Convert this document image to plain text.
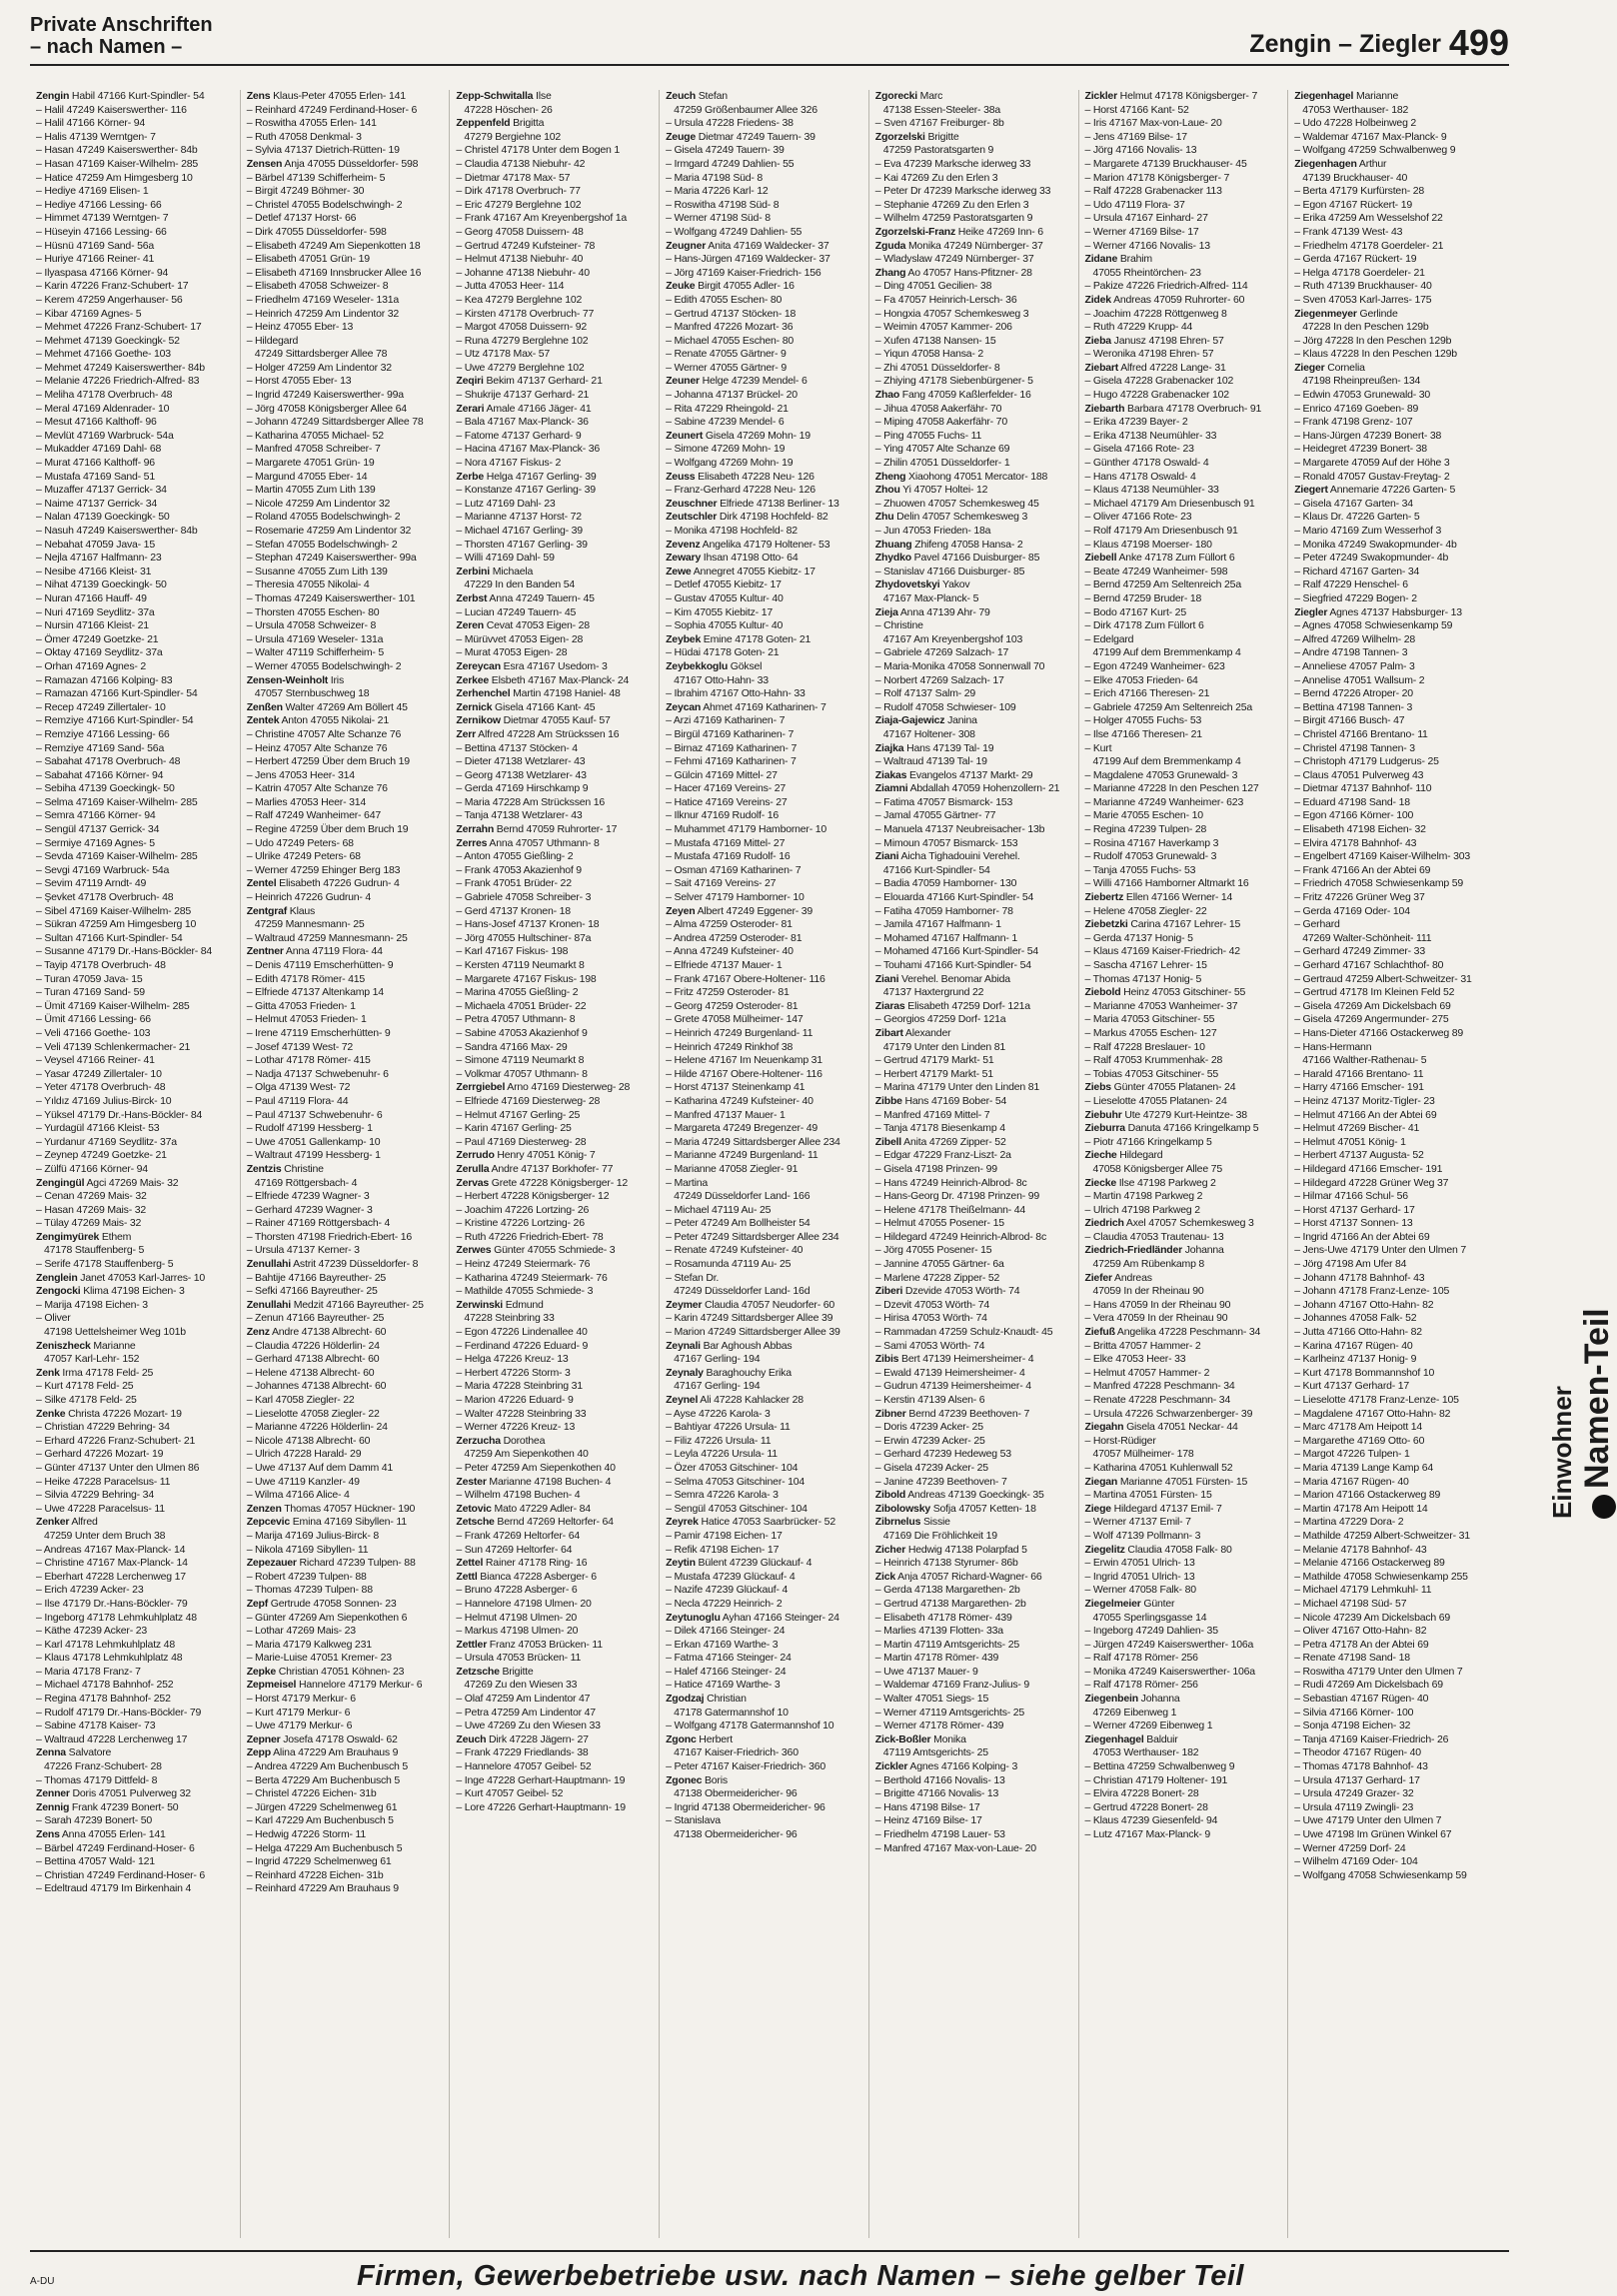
Private Anschriften
– nach Namen –	Zengin – Ziegler 499
Zengin Habil 47166 Kurt-Spindler- 54
– Halil 47249 Kaiserswerther- 116
– Halil 47166 Körner- 94
– Halis 47139 Werntgen- 7
– Hasan 47249 Kaiserswerther- 84b
– Hasan 47169 Kaiser-Wilhelm- 285
– Hatice 47259 Am Himgesberg 10
– Hediye 47169 Elisen- 1
– Hediye 47166 Lessing- 66
– Himmet 47139 Werntgen- 7
– Hüseyin 47166 Lessing- 66
– Hüsnü 47169 Sand- 56a
– Huriye 47166 Reiner- 41
– Ilyaspasa 47166 Körner- 94
– Karin 47226 Franz-Schubert- 17
– Kerem 47259 Angerhauser- 56
– Kibar 47169 Agnes- 5
– Mehmet 47226 Franz-Schubert- 17
– Mehmet 47139 Goeckingk- 52
– Mehmet 47166 Goethe- 103
– Mehmet 47249 Kaiserswerther- 84b
– Melanie 47226 Friedrich-Alfred- 83
– Meliha 47178 Overbruch- 48
– Meral 47169 Aldenrader- 10
– Mesut 47166 Kalthoff- 96
– Mevlüt 47169 Warbruck- 54a
– Mukadder 47169 Dahl- 68
– Murat 47166 Kalthoff- 96
– Mustafa 47169 Sand- 51
– Muzaffer 47137 Gerrick- 34
– Naime 47137 Gerrick- 34
– Nalan 47139 Goeckingk- 50
– Nasuh 47249 Kaiserswerther- 84b
– Nebahat 47059 Java- 15
– Nejla 47167 Halfmann- 23
– Nesibe 47166 Kleist- 31
– Nihat 47139 Goeckingk- 50
– Nuran 47166 Hauff- 49
– Nuri 47169 Seydlitz- 37a
– Nursin 47166 Kleist- 21
– Ömer 47249 Goetzke- 21
– Oktay 47169 Seydlitz- 37a
– Orhan 47169 Agnes- 2
– Ramazan 47166 Kolping- 83
– Ramazan 47166 Kurt-Spindler- 54
– Recep 47249 Zillertaler- 10
– Remziye 47166 Kurt-Spindler- 54
– Remziye 47166 Lessing- 66
– Remziye 47169 Sand- 56a
– Sabahat 47178 Overbruch- 48
– Sabahat 47166 Körner- 94
– Sebiha 47139 Goeckingk- 50
– Selma 47169 Kaiser-Wilhelm- 285
– Semra 47166 Körner- 94
– Sengül 47137 Gerrick- 34
– Sermiye 47169 Agnes- 5
– Sevda 47169 Kaiser-Wilhelm- 285
– Sevgi 47169 Warbruck- 54a
– Sevim 47119 Arndt- 49
– Şevket 47178 Overbruch- 48
– Sibel 47169 Kaiser-Wilhelm- 285
– Sükran 47259 Am Himgesberg 10
– Sultan 47166 Kurt-Spindler- 54
– Susanne 47179 Dr.-Hans-Böckler- 84
– Tayip 47178 Overbruch- 48
– Turan 47059 Java- 15
– Turan 47169 Sand- 59
– Ümit 47169 Kaiser-Wilhelm- 285
– Ümit 47166 Lessing- 66
– Veli 47166 Goethe- 103
– Veli 47139 Schlenkermacher- 21
– Veysel 47166 Reiner- 41
– Yasar 47249 Zillertaler- 10
– Yeter 47178 Overbruch- 48
– Yıldız 47169 Julius-Birck- 10
– Yüksel 47179 Dr.-Hans-Böckler- 84
– Yurdagül 47166 Kleist- 53
– Yurdanur 47169 Seydlitz- 37a
– Zeynep 47249 Goetzke- 21
– Zülfü 47166 Körner- 94
Zengingül Agci 47269 Mais- 32
– Cenan 47269 Mais- 32
– Hasan 47269 Mais- 32
– Tülay 47269 Mais- 32
Zengimyürek Ethem
47178 Stauffenberg- 5
– Serife 47178 Stauffenberg- 5
Zenglein Janet 47053 Karl-Jarres- 10
Zengocki Klima 47198 Eichen- 3
– Marija 47198 Eichen- 3
– Oliver
47198 Uettelsheimer Weg 101b
Zeniszheck Marianne
47057 Karl-Lehr- 152
Zenk Irma 47178 Feld- 25
– Kurt 47178 Feld- 25
– Silke 47178 Feld- 25
Zenke Christa 47226 Mozart- 19
– Christian 47229 Behring- 34
– Erhard 47226 Franz-Schubert- 21
– Gerhard 47226 Mozart- 19
– Günter 47137 Unter den Ulmen 86
– Heike 47228 Paracelsus- 11
– Silvia 47229 Behring- 34
– Uwe 47228 Paracelsus- 11
Zenker Alfred
47259 Unter dem Bruch 38
– Andreas 47167 Max-Planck- 14
– Christine 47167 Max-Planck- 14
– Eberhart 47228 Lerchenweg 17
– Erich 47239 Acker- 23
– Ilse 47179 Dr.-Hans-Böckler- 79
– Ingeborg 47178 Lehmkuhlplatz 48
– Käthe 47239 Acker- 23
– Karl 47178 Lehmkuhlplatz 48
– Klaus 47178 Lehmkuhlplatz 48
– Maria 47178 Franz- 7
– Michael 47178 Bahnhof- 252
– Regina 47178 Bahnhof- 252
– Rudolf 47179 Dr.-Hans-Böckler- 79
– Sabine 47178 Kaiser- 73
– Waltraud 47228 Lerchenweg 17
Zenna Salvatore
47226 Franz-Schubert- 28
– Thomas 47179 Dittfeld- 8
Zenner Doris 47051 Pulverweg 32
Zennig Frank 47239 Bonert- 50
– Sarah 47239 Bonert- 50
Zens Anna 47055 Erlen- 141
– Bärbel 47249 Ferdinand-Hoser- 6
– Bettina 47057 Wald- 121
– Christian 47249 Ferdinand-Hoser- 6
– Edeltraud 47179 Im Birkenhain 4
Zens Klaus-Peter 47055 Erlen- 141
– Reinhard 47249 Ferdinand-Hoser- 6
– Roswitha 47055 Erlen- 141
– Ruth 47058 Denkmal- 3
– Sylvia 47137 Dietrich-Rütten- 19
Zensen Anja 47055 Düsseldorfer- 598
– Bärbel 47139 Schifferheim- 5
– Birgit 47249 Böhmer- 30
– Christel 47055 Bodelschwingh- 2
– Detlef 47137 Horst- 66
– Dirk 47055 Düsseldorfer- 598
– Elisabeth 47249 Am Siepenkotten 18
– Elisabeth 47051 Grün- 19
– Elisabeth 47169 Innsbrucker Allee 16
– Elisabeth 47058 Schweizer- 8
– Friedhelm 47169 Weseler- 131a
– Heinrich 47259 Am Lindentor 32
– Heinz 47055 Eber- 13
– Hildegard
47249 Sittardsberger Allee 78
– Holger 47259 Am Lindentor 32
– Horst 47055 Eber- 13
– Ingrid 47249 Kaiserswerther- 99a
– Jörg 47058 Königsberger Allee 64
– Johann 47249 Sittardsberger Allee 78
– Katharina 47055 Michael- 52
– Manfred 47058 Schreiber- 7
– Margarete 47051 Grün- 19
– Margund 47055 Eber- 14
– Martin 47055 Zum Lith 139
– Nicole 47259 Am Lindentor 32
– Roland 47055 Bodelschwingh- 2
– Rosemarie 47259 Am Lindentor 32
– Stefan 47055 Bodelschwingh- 2
– Stephan 47249 Kaiserswerther- 99a
– Susanne 47055 Zum Lith 139
– Theresia 47055 Nikolai- 4
– Thomas 47249 Kaiserswerther- 101
– Thorsten 47055 Eschen- 80
– Ursula 47058 Schweizer- 8
– Ursula 47169 Weseler- 131a
– Walter 47119 Schifferheim- 5
– Werner 47055 Bodelschwingh- 2
Zensen-Weinholt Iris
47057 Sternbuschweg 18
Zenßen Walter 47269 Am Böllert 45
Zentek Anton 47055 Nikolai- 21
– Christine 47057 Alte Schanze 76
– Heinz 47057 Alte Schanze 76
– Herbert 47259 Über dem Bruch 19
– Jens 47053 Heer- 314
– Katrin 47057 Alte Schanze 76
– Marlies 47053 Heer- 314
– Ralf 47249 Wanheimer- 647
– Regine 47259 Über dem Bruch 19
– Udo 47249 Peters- 68
– Ulrike 47249 Peters- 68
– Werner 47259 Ehinger Berg 183
Zentel Elisabeth 47226 Gudrun- 4
– Heinrich 47226 Gudrun- 4
Zentgraf Klaus
47259 Mannesmann- 25
– Waltraud 47259 Mannesmann- 25
Zentner Anna 47119 Flora- 44
– Denis 47119 Emscherhütten- 9
– Edith 47178 Römer- 415
– Elfriede 47137 Altenkamp 14
– Gitta 47053 Frieden- 1
– Helmut 47053 Frieden- 1
– Irene 47119 Emscherhütten- 9
– Josef 47139 West- 72
– Lothar 47178 Römer- 415
– Nadja 47137 Schwebenuhr- 6
– Olga 47139 West- 72
– Paul 47119 Flora- 44
– Paul 47137 Schwebenuhr- 6
– Rudolf 47199 Hessberg- 1
– Uwe 47051 Gallenkamp- 10
– Waltraut 47199 Hessberg- 1
Zentzis Christine
47169 Röttgersbach- 4
– Elfriede 47239 Wagner- 3
– Gerhard 47239 Wagner- 3
– Rainer 47169 Röttgersbach- 4
– Thorsten 47198 Friedrich-Ebert- 16
– Ursula 47137 Kerner- 3
Zenullahi Astrit 47239 Düsseldorfer- 8
– Bahtije 47166 Bayreuther- 25
– Sefki 47166 Bayreuther- 25
Zenullahi Medzit 47166 Bayreuther- 25
– Zenun 47166 Bayreuther- 25
Zenz Andre 47138 Albrecht- 60
– Claudia 47226 Hölderlin- 24
– Gerhard 47138 Albrecht- 60
– Helene 47138 Albrecht- 60
– Johannes 47138 Albrecht- 60
– Karl 47058 Ziegler- 22
– Lieselotte 47058 Ziegler- 22
– Marianne 47226 Hölderlin- 24
– Nicole 47138 Albrecht- 60
– Ulrich 47228 Harald- 29
– Uwe 47137 Auf dem Damm 41
– Uwe 47119 Kanzler- 49
– Wilma 47166 Alice- 4
Zenzen Thomas 47057 Hückner- 190
Zepcevic Emina 47169 Sibyllen- 11
– Marija 47169 Julius-Birck- 8
– Nikola 47169 Sibyllen- 11
Zepezauer Richard 47239 Tulpen- 88
– Robert 47239 Tulpen- 88
– Thomas 47239 Tulpen- 88
Zepf Gertrude 47058 Sonnen- 23
– Günter 47269 Am Siepenkothen 6
– Lothar 47269 Mais- 23
– Maria 47179 Kalkweg 231
– Marie-Luise 47051 Kremer- 23
Zepke Christian 47051 Köhnen- 23
Zepmeisel Hannelore 47179 Merkur- 6
– Horst 47179 Merkur- 6
– Kurt 47179 Merkur- 6
– Uwe 47179 Merkur- 6
Zepner Josefa 47178 Oswald- 62
Zepp Alina 47229 Am Brauhaus 9
– Andrea 47229 Am Buchenbusch 5
– Berta 47229 Am Buchenbusch 5
– Christel 47226 Eichen- 31b
– Jürgen 47229 Schelmenweg 61
– Karl 47229 Am Buchenbusch 5
– Hedwig 47226 Storm- 11
– Helga 47229 Am Buchenbusch 5
– Ingrid 47229 Schelmenweg 61
– Reinhard 47228 Eichen- 31b
– Reinhard 47229 Am Brauhaus 9
Zepp-Schwitalla Ilse
47228 Höschen- 26
Zeppenfeld Brigitta
47279 Bergiehne 102
– Christel 47178 Unter dem Bogen 1
– Claudia 47138 Niebuhr- 42
– Dietmar 47178 Max- 57
– Dirk 47178 Overbruch- 77
– Eric 47279 Berglehne 102
– Frank 47167 Am Kreyenbergshof 1a
– Georg 47058 Duissern- 48
– Gertrud 47249 Kufsteiner- 78
– Helmut 47138 Niebuhr- 40
– Johanne 47138 Niebuhr- 40
– Jutta 47053 Heer- 114
– Kea 47279 Berglehne 102
– Kirsten 47178 Overbruch- 77
– Margot 47058 Duissern- 92
– Runa 47279 Berglehne 102
– Utz 47178 Max- 57
– Uwe 47279 Berglehne 102
Zeqiri Bekim 47137 Gerhard- 21
– Shukrije 47137 Gerhard- 21
Zerari Amale 47166 Jäger- 41
– Bala 47167 Max-Planck- 36
– Fatome 47137 Gerhard- 9
– Hacina 47167 Max-Planck- 36
– Nora 47167 Fiskus- 2
Zerbe Helga 47167 Gerling- 39
– Konstanze 47167 Gerling- 39
– Lutz 47169 Dahl- 23
– Marianne 47137 Horst- 72
– Michael 47167 Gerling- 39
– Thorsten 47167 Gerling- 39
– Willi 47169 Dahl- 59
Zerbini Michaela
47229 In den Banden 54
Zerbst Anna 47249 Tauern- 45
– Lucian 47249 Tauern- 45
Zeren Cevat 47053 Eigen- 28
– Mürüvvet 47053 Eigen- 28
– Murat 47053 Eigen- 28
Zereycan Esra 47167 Usedom- 3
Zerkee Elsbeth 47167 Max-Planck- 24
Zerhenchel Martin 47198 Haniel- 48
Zernick Gisela 47166 Kant- 45
Zernikow Dietmar 47055 Kauf- 57
Zerr Alfred 47228 Am Strückssen 16
– Bettina 47137 Stöcken- 4
– Dieter 47138 Wetzlarer- 43
– Georg 47138 Wetzlarer- 43
– Gerda 47169 Hirschkamp 9
– Maria 47228 Am Strückssen 16
– Tanja 47138 Wetzlarer- 43
Zerrahn Bernd 47059 Ruhrorter- 17
Zerres Anna 47057 Uthmann- 8
– Anton 47055 Gießling- 2
– Frank 47053 Akazienhof 9
– Frank 47051 Brüder- 22
– Gabriele 47058 Schreiber- 3
– Gerd 47137 Kronen- 18
– Hans-Josef 47137 Kronen- 18
– Jörg 47055 Hultschiner- 87a
– Karl 47167 Fiskus- 198
– Kersten 47119 Neumarkt 8
– Margarete 47167 Fiskus- 198
– Marina 47055 Gießling- 2
– Michaela 47051 Brüder- 22
– Petra 47057 Uthmann- 8
– Sabine 47053 Akazienhof 9
– Sandra 47166 Max- 29
– Simone 47119 Neumarkt 8
– Volkmar 47057 Uthmann- 8
Zerrgiebel Arno 47169 Diesterweg- 28
– Elfriede 47169 Diesterweg- 28
– Helmut 47167 Gerling- 25
– Karin 47167 Gerling- 25
– Paul 47169 Diesterweg- 28
Zerrudo Henry 47051 König- 7
Zerulla Andre 47137 Borkhofer- 77
Zervas Grete 47228 Königsberger- 12
– Herbert 47228 Königsberger- 12
– Joachim 47226 Lortzing- 26
– Kristine 47226 Lortzing- 26
– Ruth 47226 Friedrich-Ebert- 78
Zerwes Günter 47055 Schmiede- 3
– Heinz 47249 Steiermark- 76
– Katharina 47249 Steiermark- 76
– Mathilde 47055 Schmiede- 3
Zerwinski Edmund
47228 Steinbring 33
– Egon 47226 Lindenallee 40
– Ferdinand 47226 Eduard- 9
– Helga 47226 Kreuz- 13
– Herbert 47226 Storm- 3
– Maria 47228 Steinbring 31
– Marion 47226 Eduard- 9
– Walter 47228 Steinbring 33
– Werner 47226 Kreuz- 13
Zerzucha Dorothea
47259 Am Siepenkothen 40
– Peter 47259 Am Siepenkothen 40
Zester Marianne 47198 Buchen- 4
– Wilhelm 47198 Buchen- 4
Zetovic Mato 47229 Adler- 84
Zetsche Bernd 47269 Heltorfer- 64
– Frank 47269 Heltorfer- 64
– Sun 47269 Heltorfer- 64
Zettel Rainer 47178 Ring- 16
Zettl Bianca 47228 Asberger- 6
– Bruno 47228 Asberger- 6
– Hannelore 47198 Ulmen- 20
– Helmut 47198 Ulmen- 20
– Markus 47198 Ulmen- 20
Zettler Franz 47053 Brücken- 11
– Ursula 47053 Brücken- 11
Zetzsche Brigitte
47269 Zu den Wiesen 33
– Olaf 47259 Am Lindentor 47
– Petra 47259 Am Lindentor 47
– Uwe 47269 Zu den Wiesen 33
Zeuch Dirk 47228 Jägern- 27
– Frank 47229 Friedlands- 38
– Hannelore 47057 Geibel- 52
– Inge 47228 Gerhart-Hauptmann- 19
– Kurt 47057 Geibel- 52
– Lore 47226 Gerhart-Hauptmann- 19
Zeuch Stefan
47259 Größenbaumer Allee 326
– Ursula 47228 Friedens- 38
Zeuge Dietmar 47249 Tauern- 39
– Gisela 47249 Tauern- 39
– Irmgard 47249 Dahlien- 55
– Maria 47198 Süd- 8
– Maria 47226 Karl- 12
– Roswitha 47198 Süd- 8
– Werner 47198 Süd- 8
– Wolfgang 47249 Dahlien- 55
Zeugner Anita 47169 Waldecker- 37
– Hans-Jürgen 47169 Waldecker- 37
– Jörg 47169 Kaiser-Friedrich- 156
Zeuke Birgit 47055 Adler- 16
– Edith 47055 Eschen- 80
– Gertrud 47137 Stöcken- 18
– Manfred 47226 Mozart- 36
– Michael 47055 Eschen- 80
– Renate 47055 Gärtner- 9
– Werner 47055 Gärtner- 9
Zeuner Helge 47239 Mendel- 6
– Johanna 47137 Brückel- 20
– Rita 47229 Rheingold- 21
– Sabine 47239 Mendel- 6
Zeunert Gisela 47269 Mohn- 19
– Simone 47269 Mohn- 19
– Wolfgang 47269 Mohn- 19
Zeuss Elisabeth 47228 Neu- 126
– Franz-Gerhard 47228 Neu- 126
Zeuschner Elfriede 47138 Berliner- 13
Zeutschler Dirk 47198 Hochfeld- 82
– Monika 47198 Hochfeld- 82
Zevenz Angelika 47179 Holtener- 53
Zewary Ihsan 47198 Otto- 64
Zewe Annegret 47055 Kiebitz- 17
– Detlef 47055 Kiebitz- 17
– Gustav 47055 Kultur- 40
– Kim 47055 Kiebitz- 17
– Sophia 47055 Kultur- 40
Zeybek Emine 47178 Goten- 21
– Hüdai 47178 Goten- 21
Zeybekkoglu Göksel
47167 Otto-Hahn- 33
– Ibrahim 47167 Otto-Hahn- 33
Zeycan Ahmet 47169 Katharinen- 7
– Arzi 47169 Katharinen- 7
– Birgül 47169 Katharinen- 7
– Birnaz 47169 Katharinen- 7
– Fehmi 47169 Katharinen- 7
– Gülcin 47169 Mittel- 27
– Hacer 47169 Vereins- 27
– Hatice 47169 Vereins- 27
– Ilknur 47169 Rudolf- 16
– Muhammet 47179 Hamborner- 10
– Mustafa 47169 Mittel- 27
– Mustafa 47169 Rudolf- 16
– Osman 47169 Katharinen- 7
– Sait 47169 Vereins- 27
– Selver 47179 Hamborner- 10
Zeyen Albert 47249 Eggener- 39
– Alma 47259 Osteroder- 81
– Andrea 47259 Osteroder- 81
– Anna 47249 Kufsteiner- 40
– Elfriede 47137 Mauer- 1
– Frank 47167 Obere-Holtener- 116
– Fritz 47259 Osteroder- 81
– Georg 47259 Osteroder- 81
– Grete 47058 Mülheimer- 147
– Heinrich 47249 Burgenland- 11
– Heinrich 47249 Rinkhof 38
– Helene 47167 Im Neuenkamp 31
– Hilde 47167 Obere-Holtener- 116
– Horst 47137 Steinenkamp 41
– Katharina 47249 Kufsteiner- 40
– Manfred 47137 Mauer- 1
– Margareta 47249 Bregenzer- 49
– Maria 47249 Sittardsberger Allee 234
– Marianne 47249 Burgenland- 11
– Marianne 47058 Ziegler- 91
– Martina
47249 Düsseldorfer Land- 166
– Michael 47119 Au- 25
– Peter 47249 Am Bollheister 54
– Peter 47249 Sittardsberger Allee 234
– Renate 47249 Kufsteiner- 40
– Rosamunda 47119 Au- 25
– Stefan Dr.
47249 Düsseldorfer Land- 16d
Zeymer Claudia 47057 Neudorfer- 60
– Karin 47249 Sittardsberger Allee 39
– Marion 47249 Sittardsberger Allee 39
Zeynali Bar Aghoush Abbas
47167 Gerling- 194
Zeynaly Baraghouchy Erika
47167 Gerling- 194
Zeynel Ali 47228 Kahlacker 28
– Ayse 47226 Karola- 3
– Bahtiyar 47226 Ursula- 11
– Filiz 47226 Ursula- 11
– Leyla 47226 Ursula- 11
– Özer 47053 Gitschiner- 104
– Selma 47053 Gitschiner- 104
– Semra 47226 Karola- 3
– Sengül 47053 Gitschiner- 104
Zeyrek Hatice 47053 Saarbrücker- 52
– Pamir 47198 Eichen- 17
– Refik 47198 Eichen- 17
Zeytin Bülent 47239 Glückauf- 4
– Mustafa 47239 Glückauf- 4
– Nazife 47239 Glückauf- 4
– Necla 47229 Heinrich- 2
Zeytunoglu Ayhan 47166 Steinger- 24
– Dilek 47166 Steinger- 24
– Erkan 47169 Warthe- 3
– Fatma 47166 Steinger- 24
– Halef 47166 Steinger- 24
– Hatice 47169 Warthe- 3
Zgodzaj Christian
47178 Gatermannshof 10
– Wolfgang 47178 Gatermannshof 10
Zgonc Herbert
47167 Kaiser-Friedrich- 360
– Peter 47167 Kaiser-Friedrich- 360
Zgonec Boris
47138 Obermeidericher- 96
– Ingrid 47138 Obermeidericher- 96
– Stanislava
47138 Obermeidericher- 96
Zgorecki Marc
47138 Essen-Steeler- 38a
– Sven 47167 Freiburger- 8b
Zgorzelski Brigitte
47259 Pastoratsgarten 9
– Eva 47239 Marksche iderweg 33
– Kai 47269 Zu den Erlen 3
– Peter Dr 47239 Marksche iderweg 33
– Stephanie 47269 Zu den Erlen 3
– Wilhelm 47259 Pastoratsgarten 9
Zgorzelski-Franz Heike 47269 Inn- 6
Zguda Monika 47249 Nürnberger- 37
– Wladyslaw 47249 Nürnberger- 37
Zhang Ao 47057 Hans-Pfitzner- 28
– Ding 47051 Gecilien- 38
– Fa 47057 Heinrich-Lersch- 36
– Hongxia 47057 Schemkesweg 3
– Weimin 47057 Kammer- 206
– Xufen 47138 Nansen- 15
– Yiqun 47058 Hansa- 2
– Zhi 47051 Düsseldorfer- 8
– Zhiying 47178 Siebenbürgener- 5
Zhao Fang 47059 Kaßlerfelder- 16
– Jihua 47058 Aakerfähr- 70
– Miping 47058 Aakerfähr- 70
– Ping 47055 Fuchs- 11
– Ying 47057 Alte Schanze 69
– Zhilin 47051 Düsseldorfer- 1
Zheng Xiaohong 47051 Mercator- 188
Zhou Yi 47057 Holtei- 12
– Zhuowen 47057 Schemkesweg 45
Zhu Delin 47057 Schemkesweg 3
– Jun 47053 Frieden- 18a
Zhuang Zhifeng 47058 Hansa- 2
Zhydko Pavel 47166 Duisburger- 85
– Stanislav 47166 Duisburger- 85
Zhydovetskyi Yakov
47167 Max-Planck- 5
Zieja Anna 47139 Ahr- 79
– Christine
47167 Am Kreyenbergshof 103
– Gabriele 47269 Salzach- 17
– Maria-Monika 47058 Sonnenwall 70
– Norbert 47269 Salzach- 17
– Rolf 47137 Salm- 29
– Rudolf 47058 Schwieser- 109
Ziaja-Gajewicz Janina
47167 Holtener- 308
Ziajka Hans 47139 Tal- 19
– Waltraud 47139 Tal- 19
Ziakas Evangelos 47137 Markt- 29
Ziamni Abdallah 47059 Hohenzollern- 21
– Fatima 47057 Bismarck- 153
– Jamal 47055 Gärtner- 77
– Manuela 47137 Neubreisacher- 13b
– Mimoun 47057 Bismarck- 153
Ziani Aicha Tighadouini Verehel.
47166 Kurt-Spindler- 54
– Badia 47059 Hamborner- 130
– Elouarda 47166 Kurt-Spindler- 54
– Fatiha 47059 Hamborner- 78
– Jamila 47167 Halfmann- 1
– Mohamed 47167 Halfmann- 1
– Mohamed 47166 Kurt-Spindler- 54
– Touhami 47166 Kurt-Spindler- 54
Ziani Verehel. Benomar Abida
47137 Haxtergrund 22
Ziaras Elisabeth 47259 Dorf- 121a
– Georgios 47259 Dorf- 121a
Zibart Alexander
47179 Unter den Linden 81
– Gertrud 47179 Markt- 51
– Herbert 47179 Markt- 51
– Marina 47179 Unter den Linden 81
Zibbe Hans 47169 Bober- 54
– Manfred 47169 Mittel- 7
– Tanja 47178 Biesenkamp 4
Zibell Anita 47269 Zipper- 52
– Edgar 47229 Franz-Liszt- 2a
– Gisela 47198 Prinzen- 99
– Hans 47249 Heinrich-Albrod- 8c
– Hans-Georg Dr. 47198 Prinzen- 99
– Helene 47178 Theißelmann- 44
– Helmut 47055 Posener- 15
– Hildegard 47249 Heinrich-Albrod- 8c
– Jörg 47055 Posener- 15
– Jannine 47055 Gärtner- 6a
– Marlene 47228 Zipper- 52
Ziberi Dzevide 47053 Wörth- 74
– Dzevit 47053 Wörth- 74
– Hirisa 47053 Wörth- 74
– Rammadan 47259 Schulz-Knaudt- 45
– Sami 47053 Wörth- 74
Zibis Bert 47139 Heimersheimer- 4
– Ewald 47139 Heimersheimer- 4
– Gudrun 47139 Heimersheimer- 4
– Kerstin 47139 Alsen- 6
Zibner Bernd 47239 Beethoven- 7
– Doris 47239 Acker- 25
– Erwin 47239 Acker- 25
– Gerhard 47239 Hedeweg 53
– Gisela 47239 Acker- 25
– Janine 47239 Beethoven- 7
Zibold Andreas 47139 Goeckingk- 35
Zibolowsky Sofja 47057 Ketten- 18
Zibrnelus Sissie
47169 Die Fröhlichkeit 19
Zicher Hedwig 47138 Polarpfad 5
– Heinrich 47138 Styrumer- 86b
Zick Anja 47057 Richard-Wagner- 66
– Gerda 47138 Margarethen- 2b
– Gertrud 47138 Margarethen- 2b
– Elisabeth 47178 Römer- 439
– Marlies 47139 Flotten- 33a
– Martin 47119 Amtsgerichts- 25
– Martin 47178 Römer- 439
– Uwe 47137 Mauer- 9
– Waldemar 47169 Franz-Julius- 9
– Walter 47051 Siegs- 15
– Werner 47119 Amtsgerichts- 25
– Werner 47178 Römer- 439
Zick-Boßler Monika
47119 Amtsgerichts- 25
Zickler Agnes 47166 Kolping- 3
– Berthold 47166 Novalis- 13
– Brigitte 47166 Novalis- 13
– Hans 47198 Bilse- 17
– Heinz 47169 Bilse- 17
– Friedhelm 47198 Lauer- 53
– Manfred 47167 Max-von-Laue- 20
Zickler Helmut 47178 Königsberger- 7
– Horst 47166 Kant- 52
– Iris 47167 Max-von-Laue- 20
– Jens 47169 Bilse- 17
– Jörg 47166 Novalis- 13
– Margarete 47139 Bruckhauser- 45
– Marion 47178 Königsberger- 7
– Ralf 47228 Grabenacker 113
– Udo 47119 Flora- 37
– Ursula 47167 Einhard- 27
– Werner 47169 Bilse- 17
– Werner 47166 Novalis- 13
Zidane Brahim
47055 Rheintörchen- 23
– Pakize 47226 Friedrich-Alfred- 114
Zidek Andreas 47059 Ruhrorter- 60
– Joachim 47228 Röttgenweg 8
– Ruth 47229 Krupp- 44
Zieba Janusz 47198 Ehren- 57
– Weronika 47198 Ehren- 57
Ziebart Alfred 47228 Lange- 31
– Gisela 47228 Grabenacker 102
– Hugo 47228 Grabenacker 102
Ziebarth Barbara 47178 Overbruch- 91
– Erika 47239 Bayer- 2
– Erika 47138 Neumühler- 33
– Gisela 47166 Rote- 23
– Günther 47178 Oswald- 4
– Hans 47178 Oswald- 4
– Klaus 47138 Neumühler- 33
– Michael 47179 Am Driesenbusch 91
– Oliver 47166 Rote- 23
– Rolf 47179 Am Driesenbusch 91
– Klaus 47198 Moerser- 180
Ziebell Anke 47178 Zum Füllort 6
– Beate 47249 Wanheimer- 598
– Bernd 47259 Am Seltenreich 25a
– Bernd 47259 Bruder- 18
– Bodo 47167 Kurt- 25
– Dirk 47178 Zum Füllort 6
– Edelgard
47199 Auf dem Bremmenkamp 4
– Egon 47249 Wanheimer- 623
– Elke 47053 Frieden- 64
– Erich 47166 Theresen- 21
– Gabriele 47259 Am Seltenreich 25a
– Holger 47055 Fuchs- 53
– Ilse 47166 Theresen- 21
– Kurt
47199 Auf dem Bremmenkamp 4
– Magdalene 47053 Grunewald- 3
– Marianne 47228 In den Peschen 127
– Marianne 47249 Wanheimer- 623
– Marie 47055 Eschen- 10
– Regina 47239 Tulpen- 28
– Rosina 47167 Haverkamp 3
– Rudolf 47053 Grunewald- 3
– Tanja 47055 Fuchs- 53
– Willi 47166 Hamborner Altmarkt 16
Ziebertz Ellen 47166 Werner- 14
– Helene 47058 Ziegler- 22
Ziebetzki Carina 47167 Lehrer- 15
– Gerda 47137 Honig- 5
– Klaus 47169 Kaiser-Friedrich- 42
– Sascha 47167 Lehrer- 15
– Thomas 47137 Honig- 5
Ziebold Heinz 47053 Gitschiner- 55
– Marianne 47053 Wanheimer- 37
– Maria 47053 Gitschiner- 55
– Markus 47055 Eschen- 127
– Ralf 47228 Breslauer- 10
– Ralf 47053 Krummenhak- 28
– Tobias 47053 Gitschiner- 55
Ziebs Günter 47055 Platanen- 24
– Lieselotte 47055 Platanen- 24
Ziebuhr Ute 47279 Kurt-Heintze- 38
Zieburra Danuta 47166 Kringelkamp 5
– Piotr 47166 Kringelkamp 5
Zieche Hildegard
47058 Königsberger Allee 75
Ziecke Ilse 47198 Parkweg 2
– Martin 47198 Parkweg 2
– Ulrich 47198 Parkweg 2
Ziedrich Axel 47057 Schemkesweg 3
– Claudia 47053 Trautenau- 13
Ziedrich-Friedländer Johanna
47259 Am Rübenkamp 8
Ziefer Andreas
47059 In der Rheinau 90
– Hans 47059 In der Rheinau 90
– Vera 47059 In der Rheinau 90
Ziefuß Angelika 47228 Peschmann- 34
– Britta 47057 Hammer- 2
– Elke 47053 Heer- 33
– Helmut 47057 Hammer- 2
– Manfred 47228 Peschmann- 34
– Renate 47228 Peschmann- 34
– Ursula 47226 Schwarzenberger- 39
Ziegahn Gisela 47051 Neckar- 44
– Horst-Rüdiger
47057 Mülheimer- 178
– Katharina 47051 Kuhlenwall 52
Ziegan Marianne 47051 Fürsten- 15
– Martina 47051 Fürsten- 15
Ziege Hildegard 47137 Emil- 7
– Werner 47137 Emil- 7
– Wolf 47139 Pollmann- 3
Ziegelitz Claudia 47058 Falk- 80
– Erwin 47051 Ulrich- 13
– Ingrid 47051 Ulrich- 13
– Werner 47058 Falk- 80
Ziegelmeier Günter
47055 Sperlingsgasse 14
– Ingeborg 47249 Dahlien- 35
– Jürgen 47249 Kaiserswerther- 106a
– Ralf 47178 Römer- 256
– Monika 47249 Kaiserswerther- 106a
– Ralf 47178 Römer- 256
Ziegenbein Johanna
47269 Eibenweg 1
– Werner 47269 Eibenweg 1
Ziegenhagel Balduir
47053 Werthauser- 182
– Bettina 47259 Schwalbenweg 9
– Christian 47179 Holtener- 191
– Elvira 47228 Bonert- 28
– Gertrud 47228 Bonert- 28
– Klaus 47239 Giesenfeld- 94
– Lutz 47167 Max-Planck- 9
Ziegenhagel Marianne
47053 Werthauser- 182
– Udo 47228 Holbeinweg 2
– Waldemar 47167 Max-Planck- 9
– Wolfgang 47259 Schwalbenweg 9
Ziegenhagen Arthur
47139 Bruckhauser- 40
– Berta 47179 Kurfürsten- 28
– Egon 47167 Rückert- 19
– Erika 47259 Am Wesselshof 22
– Frank 47139 West- 43
– Friedhelm 47178 Goerdeler- 21
– Gerda 47167 Rückert- 19
– Helga 47178 Goerdeler- 21
– Ruth 47139 Bruckhauser- 40
– Sven 47053 Karl-Jarres- 175
Ziegenmeyer Gerlinde
47228 In den Peschen 129b
– Jörg 47228 In den Peschen 129b
– Klaus 47228 In den Peschen 129b
Zieger Cornelia
47198 Rheinpreußen- 134
– Edwin 47053 Grunewald- 30
– Enrico 47169 Goeben- 89
– Frank 47198 Grenz- 107
– Hans-Jürgen 47239 Bonert- 38
– Heidegret 47239 Bonert- 38
– Margarete 47059 Auf der Höhe 3
– Ronald 47057 Gustav-Freytag- 2
Ziegert Annemarie 47226 Garten- 5
– Gisela 47167 Garten- 34
– Klaus Dr. 47226 Garten- 5
– Mario 47169 Zum Wesserhof 3
– Monika 47249 Swakopmunder- 4b
– Peter 47249 Swakopmunder- 4b
– Richard 47167 Garten- 34
– Ralf 47229 Henschel- 6
– Siegfried 47229 Bogen- 2
Ziegler Agnes 47137 Habsburger- 13
– Agnes 47058 Schwiesenkamp 59
– Alfred 47269 Wilhelm- 28
– Andre 47198 Tannen- 3
– Anneliese 47057 Palm- 3
– Annelise 47051 Wallsum- 2
– Bernd 47226 Atroper- 20
– Bettina 47198 Tannen- 3
– Birgit 47166 Busch- 47
– Christel 47166 Brentano- 11
– Christel 47198 Tannen- 3
– Christoph 47179 Ludgerus- 25
– Claus 47051 Pulverweg 43
– Dietmar 47137 Bahnhof- 110
– Eduard 47198 Sand- 18
– Egon 47166 Körner- 100
– Elisabeth 47198 Eichen- 32
– Elvira 47178 Bahnhof- 43
– Engelbert 47169 Kaiser-Wilhelm- 303
– Frank 47166 An der Abtei 69
– Friedrich 47058 Schwiesenkamp 59
– Fritz 47226 Grüner Weg 37
– Gerda 47169 Oder- 104
– Gerhard
47269 Walter-Schönheit- 111
– Gerhard 47249 Zimmer- 33
– Gerhard 47167 Schlachthof- 80
– Gertraud 47259 Albert-Schweitzer- 31
– Gertrud 47178 Im Kleinen Feld 52
– Gisela 47269 Am Dickelsbach 69
– Gisela 47269 Angermunder- 275
– Hans-Dieter 47166 Ostackerweg 89
– Hans-Hermann
47166 Walther-Rathenau- 5
– Harald 47166 Brentano- 11
– Harry 47166 Emscher- 191
– Heinz 47137 Moritz-Tigler- 23
– Helmut 47166 An der Abtei 69
– Helmut 47269 Bischer- 41
– Helmut 47051 König- 1
– Herbert 47137 Augusta- 52
– Hildegard 47166 Emscher- 191
– Hildegard 47228 Grüner Weg 37
– Hilmar 47166 Schul- 56
– Horst 47137 Gerhard- 17
– Horst 47137 Sonnen- 13
– Ingrid 47166 An der Abtei 69
– Jens-Uwe 47179 Unter den Ulmen 7
– Jörg 47198 Am Ufer 84
– Johann 47178 Bahnhof- 43
– Johann 47178 Franz-Lenze- 105
– Johann 47167 Otto-Hahn- 82
– Johannes 47058 Falk- 52
– Jutta 47166 Otto-Hahn- 82
– Karina 47167 Rügen- 40
– Karlheinz 47137 Honig- 9
– Kurt 47178 Bommannshof 10
– Kurt 47137 Gerhard- 17
– Lieselotte 47178 Franz-Lenze- 105
– Magdalene 47167 Otto-Hahn- 82
– Marc 47178 Am Heipott 14
– Margarethe 47169 Otto- 60
– Margot 47226 Tulpen- 1
– Maria 47139 Lange Kamp 64
– Maria 47167 Rügen- 40
– Marion 47166 Ostackerweg 89
– Martin 47178 Am Heipott 14
– Martina 47229 Dora- 2
– Mathilde 47259 Albert-Schweitzer- 31
– Melanie 47178 Bahnhof- 43
– Melanie 47166 Ostackerweg 89
– Mathilde 47058 Schwiesenkamp 255
– Michael 47179 Lehmkuhl- 11
– Michael 47198 Süd- 57
– Nicole 47239 Am Dickelsbach 69
– Oliver 47167 Otto-Hahn- 82
– Petra 47178 An der Abtei 69
– Renate 47198 Sand- 18
– Roswitha 47179 Unter den Ulmen 7
– Rudi 47269 Am Dickelsbach 69
– Sebastian 47167 Rügen- 40
– Silvia 47166 Körner- 100
– Sonja 47198 Eichen- 32
– Tanja 47169 Kaiser-Friedrich- 26
– Theodor 47167 Rügen- 40
– Thomas 47178 Bahnhof- 43
– Ursula 47137 Gerhard- 17
– Ursula 47249 Grazer- 32
– Ursula 47119 Zwingli- 23
– Uwe 47179 Unter den Ulmen 7
– Uwe 47198 Im Grünen Winkel 67
– Werner 47259 Dorf- 24
– Wilhelm 47169 Oder- 104
– Wolfgang 47058 Schwiesenkamp 59
Einwohner
Namen-Teil
Firmen, Gewerbebetriebe usw. nach Namen – siehe gelber Teil
A-DU
